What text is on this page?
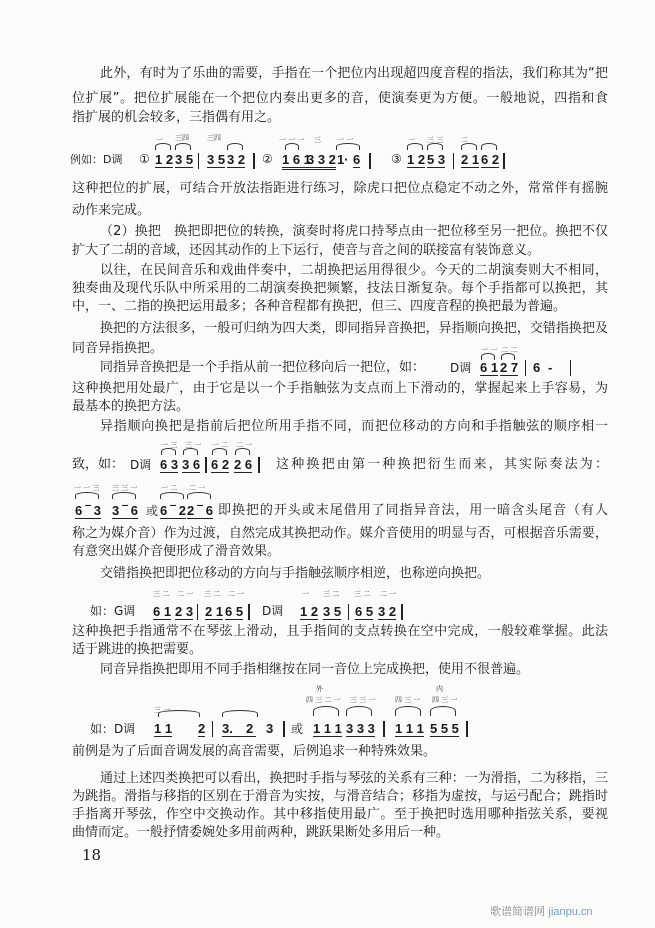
此外，有时为了乐曲的需要，手指在一个把位内出现超四度音程的指法，我们称其为“把
位扩展”。把位扩展能在一个把位内奏出更多的音，使演奏更为方便。一般地说，四指和食
指扩展的机会较多，三指偶有用之。
例如：D调 ①
一
1 2
三四
3 5
三四
3 5 3 2 ②
一 一 一
1 6 1
三
3 3 2
一 一
1· 6	③
一
1 2
三 三
5 3
二
2 1 6 2
这种把位的扩展，可结合开放法指距进行练习，除虎口把位点稳定不动之外，常常伴有摇腕
动作来完成。
（2）换把　换把即把位的转换，演奏时将虎口持琴点由一把位移至另一把位。换把不仅
扩大了二胡的音域，还因其动作的上下运行，使音与音之间的联接富有装饰意义。
以往，在民间音乐和戏曲伴奏中，二胡换把运用得很少。今天的二胡演奏则大不相同，
独奏曲及现代乐队中所采用的二胡演奏换把频繁，技法日渐复杂。每个手指都可以换把，其
中，一、二指的换把运用最多；各种音程都有换把，但三、四度音程的换把最为普遍。
换把的方法很多，一般可归纳为四大类，即同指异音换把，异指顺向换把，交错指换把及
同音异指换把。
同指异音换把是一个手指从前一把位移向后一把位，如： D调
一 一
6 1
二 二
2 7 6 -
这种换把用处最广，由于它是以一个手指触弦为支点而上下滑动的，掌握起来上手容易，为
最基本的换把方法。
异指顺向换把是指前后把位所用手指不同，而把位移动的方向和手指触弦的顺序相一
致，如： D调
一 三
6 3
三 一
3 6
一 二
6 2
二 一
2 6 这种换把由第一种换把衍生而来，其实际奏法为：
一 一 三
6 ‾ 3
三 三 一
3 ‾ 6 或
一 二
6 ‾ 2
二 一
2 ‾ 6 即换把的开头或末尾借用了同指异音法，用一暗含头尾音（有人
称之为媒介音）作为过渡，自然完成其换把动作。媒介音使用的明显与否，可根据音乐需要，
有意突出媒介音便形成了滑音效果。
交错指换把即把位移动的方向与手指触弦顺序相逆，也称逆向换把。
如：G调
三 二
6 1
二 一
2 3
三 二
2 1
二 一
6 5 D调
一
1 2
三 二
3 5
三 二
6 5
二 一
3 2
这种换把手指通常不在琴弦上滑动，且手指间的支点转换在空中完成，一般较难掌握。此法
适于跳进的换把需要。
同音异指换把即用不同手指相继按在同一音位上完成换把，使用不很普遍。
如：D调
三 一
1 1 2 3.	2 3 或
外
四 三 二 一
1 1 1
三 三 一
3 3 3
四 三 一
1 1 1
内
四 三 一
5 5 5
前例是为了后面音调发展的高音需要，后例追求一种特殊效果。
通过上述四类换把可以看出，换把时手指与琴弦的关系有三种：一为滑指，二为移指，三
为跳指。滑指与移指的区别在于滑音为实按，与滑音结合；移指为虚按，与运弓配合；跳指时
手指离开琴弦，作空中交换动作。其中移指使用最广。至于换把时选用哪种指弦关系，要视
曲情而定。一般抒情委婉处多用前两种，跳跃果断处多用后一种。
18
歌谱简谱网 jianpu.cn
